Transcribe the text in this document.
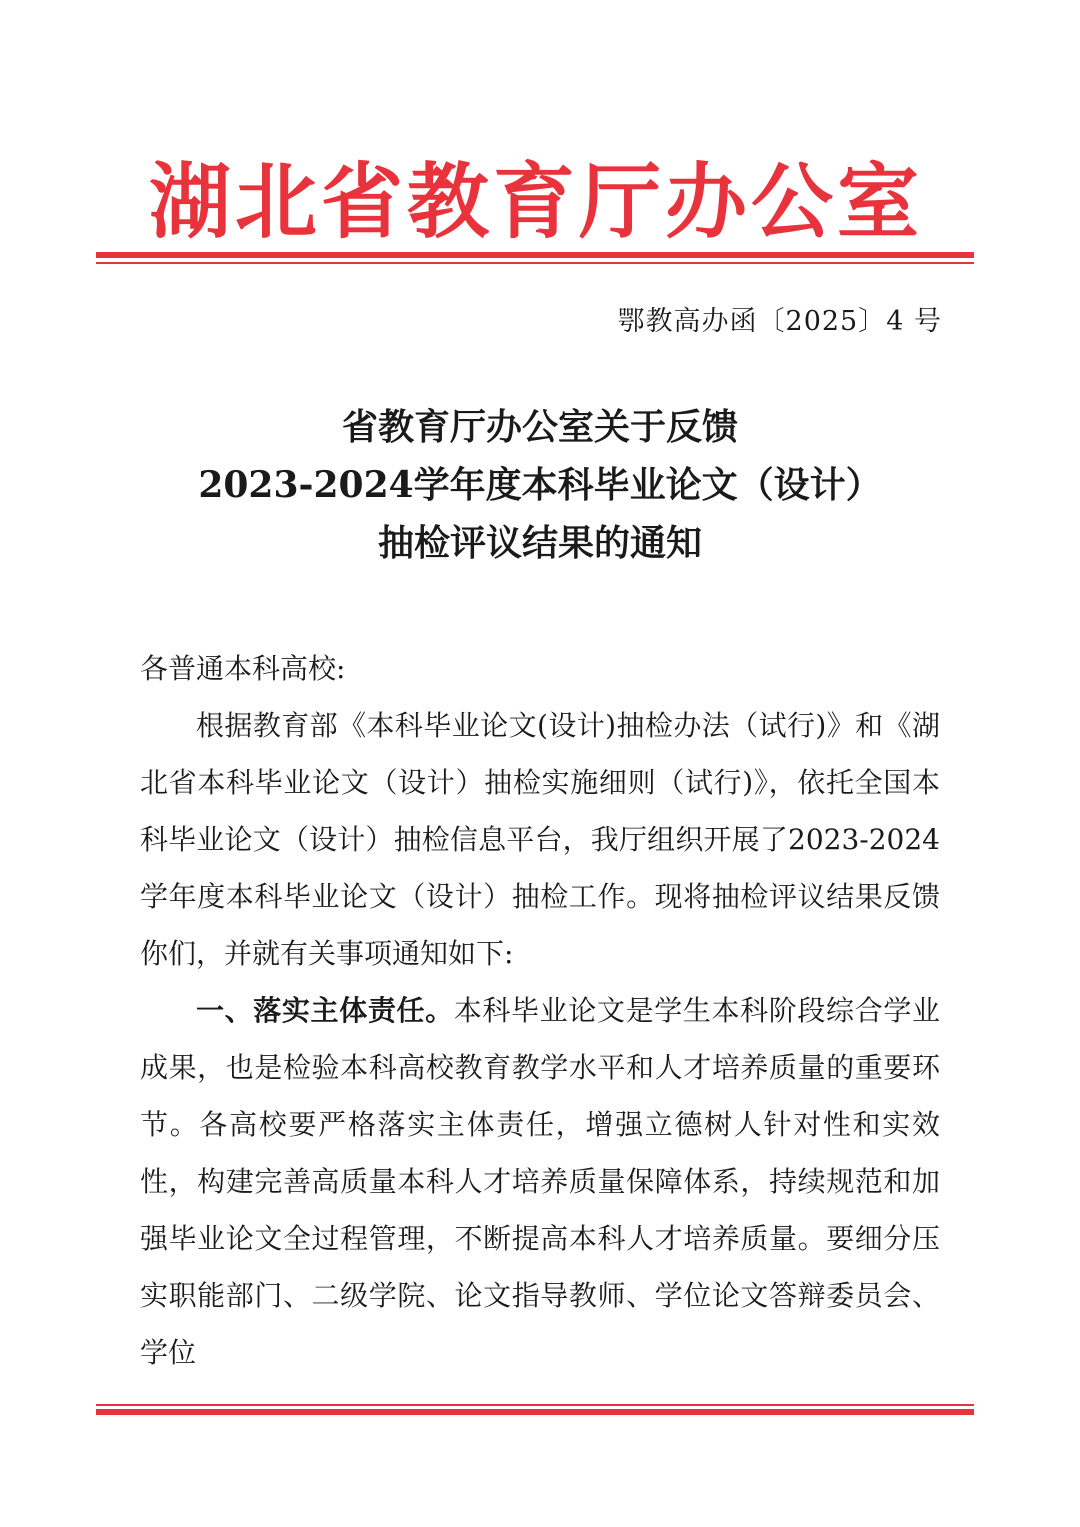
湖北省教育厅办公室
鄂教高办函〔2025〕4 号
省教育厅办公室关于反馈
2023-2024学年度本科毕业论文（设计）
抽检评议结果的通知
各普通本科高校:

根据教育部《本科毕业论文(设计)抽检办法（试行)》和《湖北省本科毕业论文（设计）抽检实施细则（试行)》，依托全国本科毕业论文（设计）抽检信息平台，我厅组织开展了2023-2024学年度本科毕业论文（设计）抽检工作。现将抽检评议结果反馈你们，并就有关事项通知如下:

一、落实主体责任。本科毕业论文是学生本科阶段综合学业成果，也是检验本科高校教育教学水平和人才培养质量的重要环节。各高校要严格落实主体责任，增强立德树人针对性和实效性，构建完善高质量本科人才培养质量保障体系，持续规范和加强毕业论文全过程管理，不断提高本科人才培养质量。要细分压实职能部门、二级学院、论文指导教师、学位论文答辩委员会、学位
